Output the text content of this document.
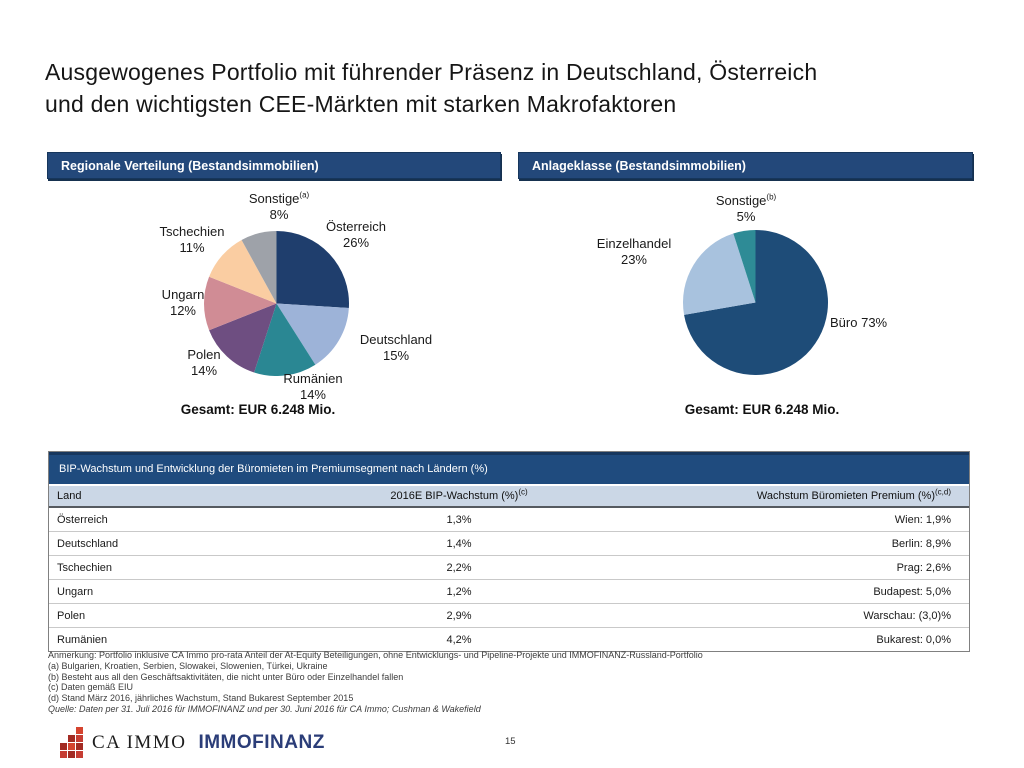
Ausgewogenes Portfolio mit führender Präsenz in Deutschland, Österreich
und den wichtigsten CEE-Märkten mit starken Makrofaktoren
Regionale Verteilung (Bestandsimmobilien)	Anlageklasse (Bestandsimmobilien)
Sonstige$^{(a)}$
8%
Österreich
26%
Deutschland
15%
Rumänien
14%
Polen
14%
Ungarn
12%
Tschechien
11%
Sonstige$^{(b)}$
5%
Einzelhandel
23%
Büro 73%
Gesamt: EUR 6.248 Mio.	Gesamt: EUR 6.248 Mio.
BIP-Wachstum und Entwicklung der Büromieten im Premiumsegment nach Ländern (%)
Land	2016E BIP-Wachstum (%)$^{(c)}$	Wachstum Büromieten Premium (%)$^{(c,d)}$
Österreich	1,3%	Wien: 1,9%
Deutschland	1,4%	Berlin: 8,9%
Tschechien	2,2%	Prag: 2,6%
Ungarn	1,2%	Budapest: 5,0%
Polen	2,9%	Warschau: (3,0)%
Rumänien	4,2%	Bukarest: 0,0%
Anmerkung: Portfolio inklusive CA Immo pro-rata Anteil der At-Equity Beteiligungen, ohne Entwicklungs- und Pipeline-Projekte und IMMOFINANZ-Russland-Portfolio
(a) Bulgarien, Kroatien, Serbien, Slowakei, Slowenien, Türkei, Ukraine
(b) Besteht aus all den Geschäftsaktivitäten, die nicht unter Büro oder Einzelhandel fallen
(c) Daten gemäß EIU
(d) Stand März 2016, jährliches Wachstum, Stand Bukarest September 2015
Quelle: Daten per 31. Juli 2016 für IMMOFINANZ und per 30. Juni 2016 für CA Immo; Cushman & Wakefield
CA IMMO IMMOFINANZ	15
